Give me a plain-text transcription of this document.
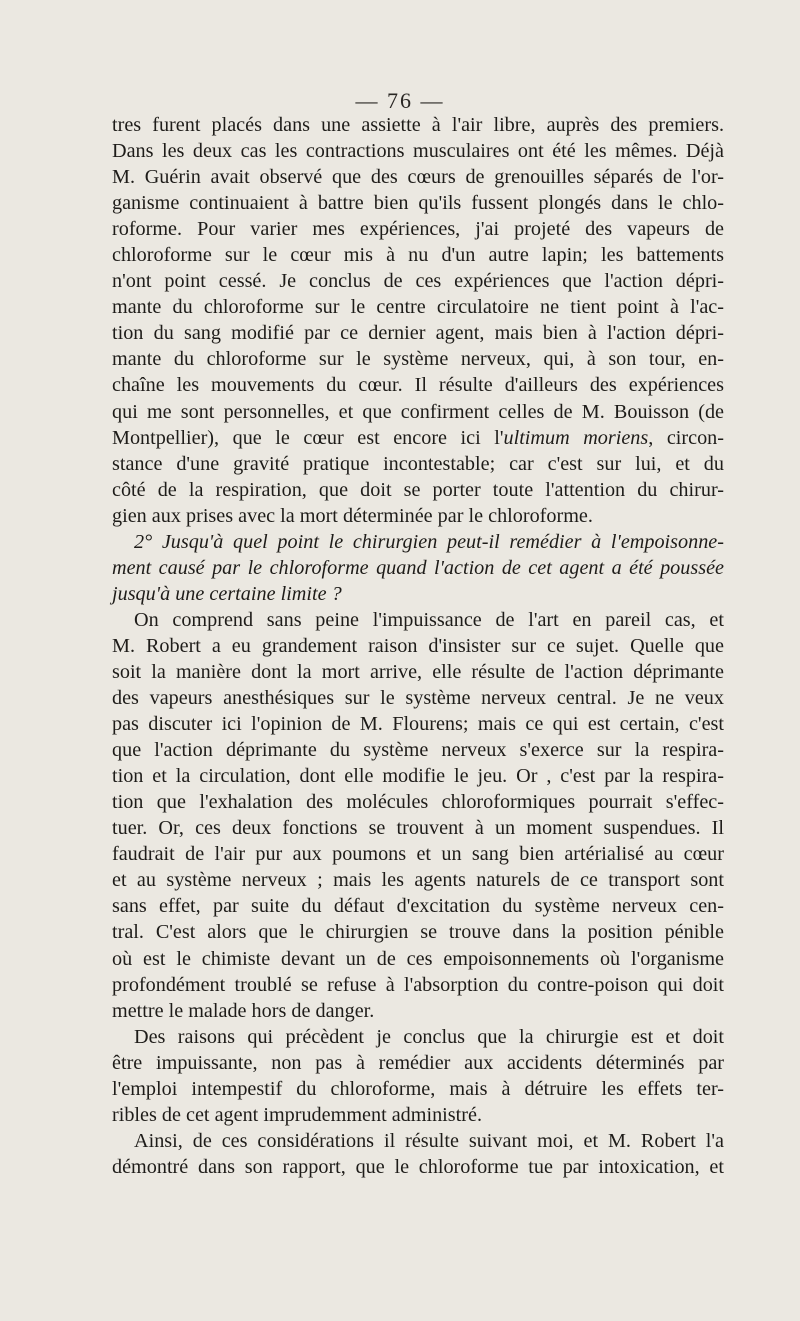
— 76 —
tres furent placés dans une assiette à l'air libre, auprès des premiers.
Dans les deux cas les contractions musculaires ont été les mêmes. Déjà
M. Guérin avait observé que des cœurs de grenouilles séparés de l'or-
ganisme continuaient à battre bien qu'ils fussent plongés dans le chlo-
roforme. Pour varier mes expériences, j'ai projeté des vapeurs de
chloroforme sur le cœur mis à nu d'un autre lapin; les battements
n'ont point cessé. Je conclus de ces expériences que l'action dépri-
mante du chloroforme sur le centre circulatoire ne tient point à l'ac-
tion du sang modifié par ce dernier agent, mais bien à l'action dépri-
mante du chloroforme sur le système nerveux, qui, à son tour, en-
chaîne les mouvements du cœur. Il résulte d'ailleurs des expériences
qui me sont personnelles, et que confirment celles de M. Bouisson (de
Montpellier), que le cœur est encore ici l'ultimum moriens, circon-
stance d'une gravité pratique incontestable; car c'est sur lui, et du
côté de la respiration, que doit se porter toute l'attention du chirur-
gien aux prises avec la mort déterminée par le chloroforme.
2° Jusqu'à quel point le chirurgien peut-il remédier à l'empoisonne-
ment causé par le chloroforme quand l'action de cet agent a été poussée
jusqu'à une certaine limite ?
On comprend sans peine l'impuissance de l'art en pareil cas, et
M. Robert a eu grandement raison d'insister sur ce sujet. Quelle que
soit la manière dont la mort arrive, elle résulte de l'action déprimante
des vapeurs anesthésiques sur le système nerveux central. Je ne veux
pas discuter ici l'opinion de M. Flourens; mais ce qui est certain, c'est
que l'action déprimante du système nerveux s'exerce sur la respira-
tion et la circulation, dont elle modifie le jeu. Or , c'est par la respira-
tion que l'exhalation des molécules chloroformiques pourrait s'effec-
tuer. Or, ces deux fonctions se trouvent à un moment suspendues. Il
faudrait de l'air pur aux poumons et un sang bien artérialisé au cœur
et au système nerveux ; mais les agents naturels de ce transport sont
sans effet, par suite du défaut d'excitation du système nerveux cen-
tral. C'est alors que le chirurgien se trouve dans la position pénible
où est le chimiste devant un de ces empoisonnements où l'organisme
profondément troublé se refuse à l'absorption du contre-poison qui doit
mettre le malade hors de danger.
Des raisons qui précèdent je conclus que la chirurgie est et doit
être impuissante, non pas à remédier aux accidents déterminés par
l'emploi intempestif du chloroforme, mais à détruire les effets ter-
ribles de cet agent imprudemment administré.
Ainsi, de ces considérations il résulte suivant moi, et M. Robert l'a
démontré dans son rapport, que le chloroforme tue par intoxication, et
